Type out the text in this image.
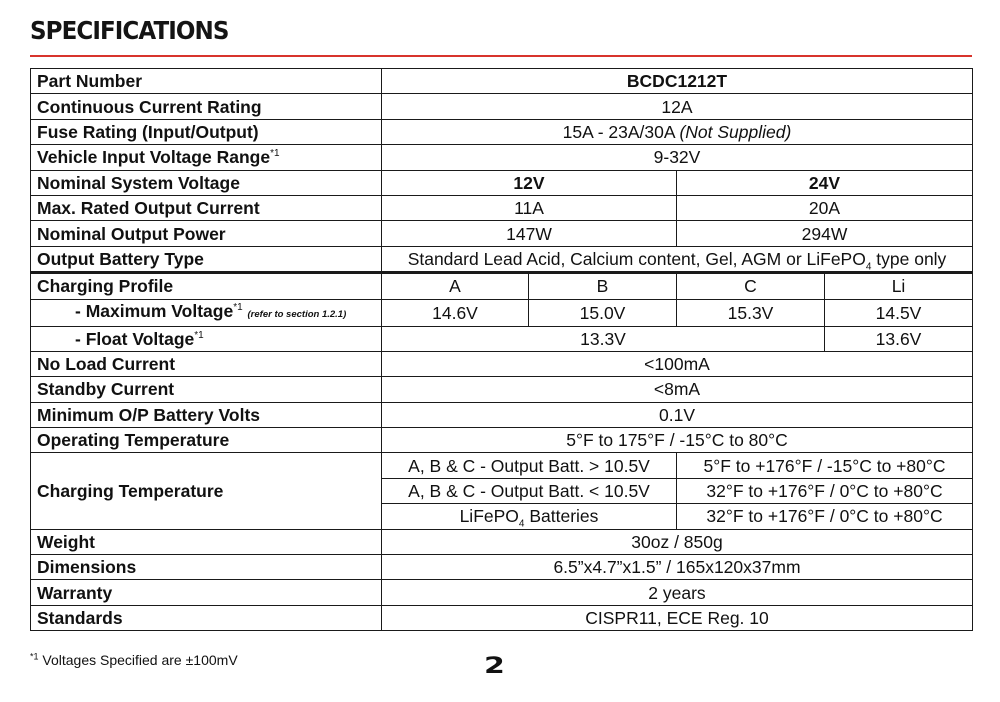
SPECIFICATIONS
Part Number	BCDC1212T			
Continuous Current Rating	12A			
Fuse Rating (Input/Output)	15A - 23A/30A (Not Supplied)			
Vehicle Input Voltage Range$^{*1}$	9-32V			
Nominal System Voltage	12V		24V	
Max. Rated Output Current	11A		20A	
Nominal Output Power	147W		294W	
Output Battery Type	Standard Lead Acid, Calcium content, Gel, AGM or LiFePO$_4$ type only			
Charging Profile	A	B	C	Li
- Maximum Voltage$^{*1}$ (refer to section 1.2.1)	14.6V	15.0V	15.3V	14.5V
- Float Voltage$^{*1}$	13.3V			13.6V
No Load Current	<100mA			
Standby Current	<8mA			
Minimum O/P Battery Volts	0.1V			
Operating Temperature	5°F to 175°F / -15°C to 80°C			
Charging Temperature	A, B & C - Output Batt. > 10.5V		5°F to +176°F / -15°C to +80°C	
	A, B & C - Output Batt. < 10.5V		32°F to +176°F / 0°C to +80°C	
	LiFePO$_4$ Batteries		32°F to +176°F / 0°C to +80°C	
Weight	30oz / 850g			
Dimensions	6.5”x4.7”x1.5” / 165x120x37mm			
Warranty	2 years			
Standards	CISPR11, ECE Reg. 10			
$^{*1}$ Voltages Specified are ±100mV	2
